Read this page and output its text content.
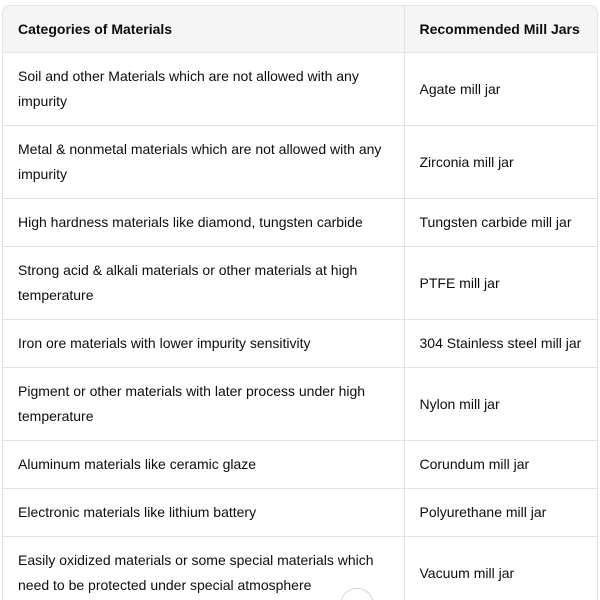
Categories of Materials	Recommended Mill Jars
Soil and other Materials which are not allowed with any impurity	Agate mill jar
Metal & nonmetal materials which are not allowed with any impurity	Zirconia mill jar
High hardness materials like diamond, tungsten carbide	Tungsten carbide mill jar
Strong acid & alkali materials or other materials at high temperature	PTFE mill jar
Iron ore materials with lower impurity sensitivity	304 Stainless steel mill jar
Pigment or other materials with later process under high temperature	Nylon mill jar
Aluminum materials like ceramic glaze	Corundum mill jar
Electronic materials like lithium battery	Polyurethane mill jar
Easily oxidized materials or some special materials which need to be protected under special atmosphere	Vacuum mill jar
